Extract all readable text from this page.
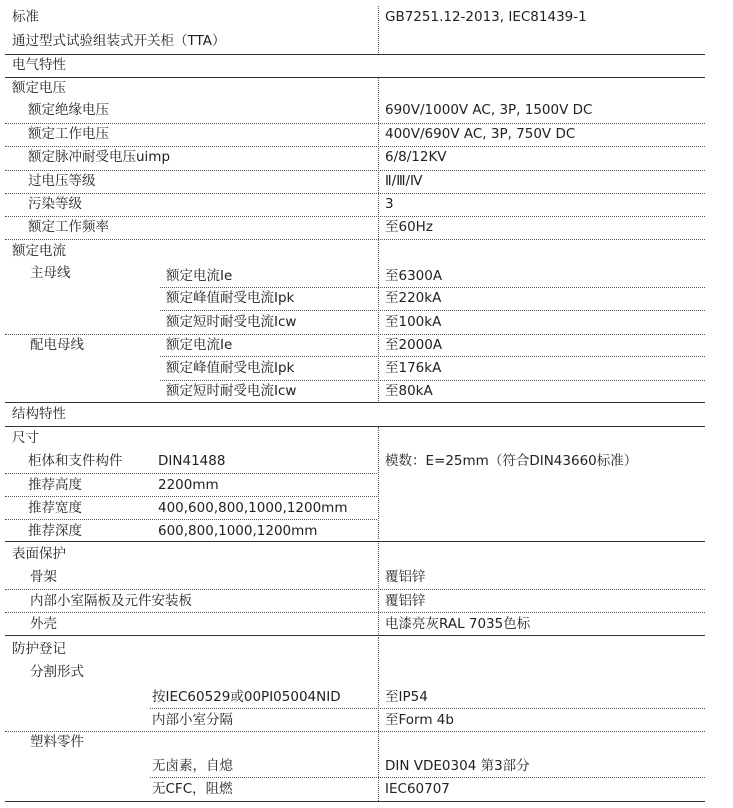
标准
通过型式试验组装式开关柜（TTA）
GB7251.12-2013, IEC81439-1
电气特性
额定电压
额定绝缘电压	690V/1000V AC, 3P, 1500V DC
额定工作电压	400V/690V AC, 3P, 750V DC
额定脉冲耐受电压uimp	6/8/12KV
过电压等级	Ⅱ/Ⅲ/Ⅳ
污染等级	3
额定工作频率	至60Hz
额定电流
主母线	额定电流Ie	至6300A
额定峰值耐受电流Ipk	至220kA
额定短时耐受电流Icw	至100kA
配电母线	额定电流Ie	至2000A
额定峰值耐受电流Ipk	至176kA
额定短时耐受电流Icw	至80kA
结构特性
尺寸
柜体和支件构件	DIN41488
推荐高度	2200mm
推荐宽度	400,600,800,1000,1200mm
推荐深度	600,800,1000,1200mm
模数：E=25mm（符合DIN43660标准）
表面保护
骨架	覆铝锌
内部小室隔板及元件安装板	覆铝锌
外壳	电漆亮灰RAL 7035色标
防护登记
分割形式
按IEC60529或00PI05004NID	至IP54
内部小室分隔	至Form 4b
塑料零件
无卤素，自熄	DIN VDE0304 第3部分
无CFC，阻燃	IEC60707
